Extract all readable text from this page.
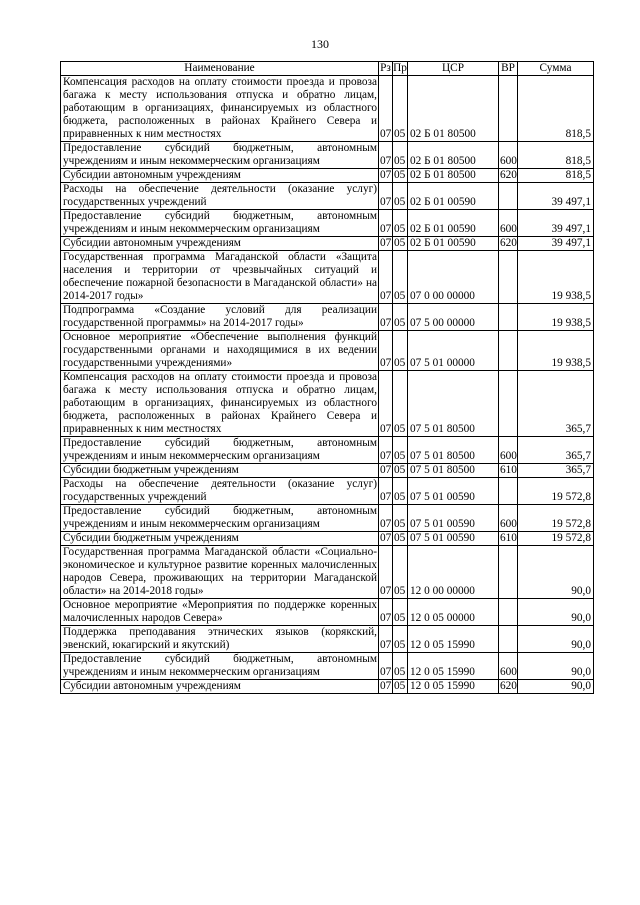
130
Наименование	Рз	Пр	ЦСР	ВР	Сумма
Компенсация расходов на оплату стоимости проезда и провоза багажа к месту использования отпуска и обратно лицам, работающим в организациях, финансируемых из областного бюджета, расположенных в районах Крайнего Севера и приравненных к ним местностях	07	05	02 Б 01 80500		818,5
Предоставление субсидий бюджетным, автономным учреждениям и иным некоммерческим организациям	07	05	02 Б 01 80500	600	818,5
Субсидии автономным учреждениям	07	05	02 Б 01 80500	620	818,5
Расходы на обеспечение деятельности (оказание услуг) государственных учреждений	07	05	02 Б 01 00590		39 497,1
Предоставление субсидий бюджетным, автономным учреждениям и иным некоммерческим организациям	07	05	02 Б 01 00590	600	39 497,1
Субсидии автономным учреждениям	07	05	02 Б 01 00590	620	39 497,1
Государственная программа Магаданской области «Защита населения и территории от чрезвычайных ситуаций и обеспечение пожарной безопасности в Магаданской области» на 2014-2017 годы»	07	05	07 0 00 00000		19 938,5
Подпрограмма «Создание условий для реализации государственной программы» на 2014-2017 годы»	07	05	07 5 00 00000		19 938,5
Основное мероприятие «Обеспечение выполнения функций государственными органами и находящимися в их ведении государственными учреждениями»	07	05	07 5 01 00000		19 938,5
Компенсация расходов на оплату стоимости проезда и провоза багажа к месту использования отпуска и обратно лицам, работающим в организациях, финансируемых из областного бюджета, расположенных в районах Крайнего Севера и приравненных к ним местностях	07	05	07 5 01 80500		365,7
Предоставление субсидий бюджетным, автономным учреждениям и иным некоммерческим организациям	07	05	07 5 01 80500	600	365,7
Субсидии бюджетным учреждениям	07	05	07 5 01 80500	610	365,7
Расходы на обеспечение деятельности (оказание услуг) государственных учреждений	07	05	07 5 01 00590		19 572,8
Предоставление субсидий бюджетным, автономным учреждениям и иным некоммерческим организациям	07	05	07 5 01 00590	600	19 572,8
Субсидии бюджетным учреждениям	07	05	07 5 01 00590	610	19 572,8
Государственная программа Магаданской области «Социально-экономическое и культурное развитие коренных малочисленных народов Севера, проживающих на территории Магаданской области» на 2014-2018 годы»	07	05	12 0 00 00000		90,0
Основное мероприятие «Мероприятия по поддержке коренных малочисленных народов Севера»	07	05	12 0 05 00000		90,0
Поддержка преподавания этнических языков (корякский, эвенский, юкагирский и якутский)	07	05	12 0 05 15990		90,0
Предоставление субсидий бюджетным, автономным учреждениям и иным некоммерческим организациям	07	05	12 0 05 15990	600	90,0
Субсидии автономным учреждениям	07	05	12 0 05 15990	620	90,0
